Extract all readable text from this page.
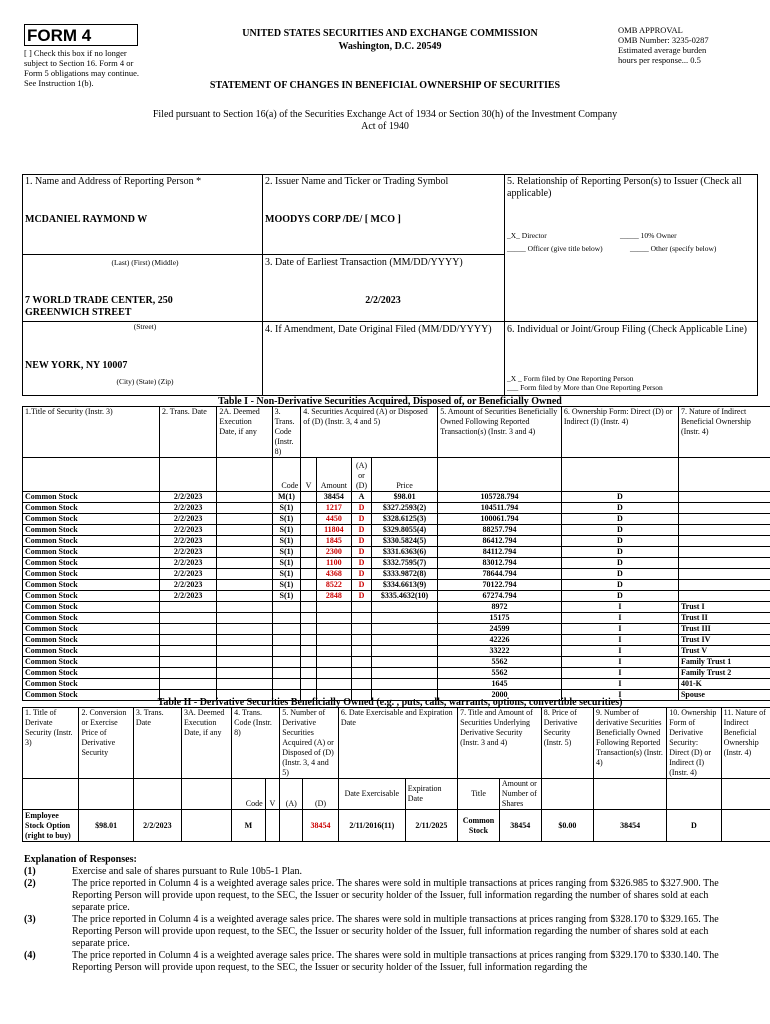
FORM 4
[ ] Check this box if no longer subject to Section 16. Form 4 or Form 5 obligations may continue. See Instruction 1(b).
UNITED STATES SECURITIES AND EXCHANGE COMMISSION
Washington, D.C. 20549
STATEMENT OF CHANGES IN BENEFICIAL OWNERSHIP OF SECURITIES
OMB APPROVAL
OMB Number: 3235-0287
Estimated average burden
hours per response... 0.5
Filed pursuant to Section 16(a) of the Securities Exchange Act of 1934 or Section 30(h) of the Investment Company Act of 1940
1. Name and Address of Reporting Person *
MCDANIEL RAYMOND W
(Last) (First) (Middle)
7 WORLD TRADE CENTER, 250 GREENWICH STREET
(Street)
NEW YORK, NY 10007
(City) (State) (Zip)
2. Issuer Name and Ticker or Trading Symbol
MOODYS CORP /DE/ [ MCO ]
3. Date of Earliest Transaction (MM/DD/YYYY)
2/2/2023
4. If Amendment, Date Original Filed (MM/DD/YYYY)
5. Relationship of Reporting Person(s) to Issuer (Check all applicable)
_X_ Director	_____ 10% Owner
_____ Officer (give title below)	_____ Other (specify below)
6. Individual or Joint/Group Filing (Check Applicable Line)
_X _ Form filed by One Reporting Person
___ Form filed by More than One Reporting Person
Table I - Non-Derivative Securities Acquired, Disposed of, or Beneficially Owned
1.Title of Security (Instr. 3)	2. Trans. Date	2A. Deemed Execution Date, if any	3. Trans. Code (Instr. 8)	4. Securities Acquired (A) or Disposed of (D) (Instr. 3, 4 and 5)				5. Amount of Securities Beneficially Owned Following Reported Transaction(s) (Instr. 3 and 4)	6. Ownership Form: Direct (D) or Indirect (I) (Instr. 4)	7. Nature of Indirect Beneficial Ownership (Instr. 4)
			Code	V	Amount	(A) or (D)	Price			
Common Stock	2/2/2023		M(1)		38454	A	$98.01	105728.794	D	
Common Stock	2/2/2023		S(1)		1217	D	$327.2593(2)	104511.794	D	
Common Stock	2/2/2023		S(1)		4450	D	$328.6125(3)	100061.794	D	
Common Stock	2/2/2023		S(1)		11804	D	$329.8055(4)	88257.794	D	
Common Stock	2/2/2023		S(1)		1845	D	$330.5824(5)	86412.794	D	
Common Stock	2/2/2023		S(1)		2300	D	$331.6363(6)	84112.794	D	
Common Stock	2/2/2023		S(1)		1100	D	$332.7595(7)	83012.794	D	
Common Stock	2/2/2023		S(1)		4368	D	$333.9872(8)	78644.794	D	
Common Stock	2/2/2023		S(1)		8522	D	$334.6613(9)	70122.794	D	
Common Stock	2/2/2023		S(1)		2848	D	$335.4632(10)	67274.794	D	
Common Stock								8972	I	Trust I
Common Stock								15175	I	Trust II
Common Stock								24599	I	Trust III
Common Stock								42226	I	Trust IV
Common Stock								33222	I	Trust V
Common Stock								5562	I	Family Trust 1
Common Stock								5562	I	Family Trust 2
Common Stock								1645	I	401-K
Common Stock								2000	I	Spouse
Table II - Derivative Securities Beneficially Owned (e.g. , puts, calls, warrants, options, convertible securities)
1. Title of Derivate Security (Instr. 3)	2. Conversion or Exercise Price of Derivative Security	3. Trans. Date	3A. Deemed Execution Date, if any	4. Trans. Code (Instr. 8)		5. Number of Derivative Securities Acquired (A) or Disposed of (D) (Instr. 3, 4 and 5)		6. Date Exercisable and Expiration Date		7. Title and Amount of Securities Underlying Derivative Security (Instr. 3 and 4)		8. Price of Derivative Security (Instr. 5)	9. Number of derivative Securities Beneficially Owned Following Reported Transaction(s) (Instr. 4)	10. Ownership Form of Derivative Security: Direct (D) or Indirect (I) (Instr. 4)	11. Nature of Indirect Beneficial Ownership (Instr. 4)
				Code	V	(A)	(D)	Date Exercisable	Expiration Date	Title	Amount or Number of Shares				
Employee Stock Option (right to buy)	$98.01	2/2/2023		M			38454	2/11/2016(11)	2/11/2025	Common Stock	38454	$0.00	38454	D	
Explanation of Responses:
(1)	Exercise and sale of shares pursuant to Rule 10b5-1 Plan.
(2)	The price reported in Column 4 is a weighted average sales price. The shares were sold in multiple transactions at prices ranging from $326.985 to $327.900. The Reporting Person will provide upon request, to the SEC, the Issuer or security holder of the Issuer, full information regarding the number of shares sold at each separate price.
(3)	The price reported in Column 4 is a weighted average sales price. The shares were sold in multiple transactions at prices ranging from $328.170 to $329.165. The Reporting Person will provide upon request, to the SEC, the Issuer or security holder of the Issuer, full information regarding the number of shares sold at each separate price.
(4)	The price reported in Column 4 is a weighted average sales price. The shares were sold in multiple transactions at prices ranging from $329.170 to $330.140. The Reporting Person will provide upon request, to the SEC, the Issuer or security holder of the Issuer, full information regarding the
